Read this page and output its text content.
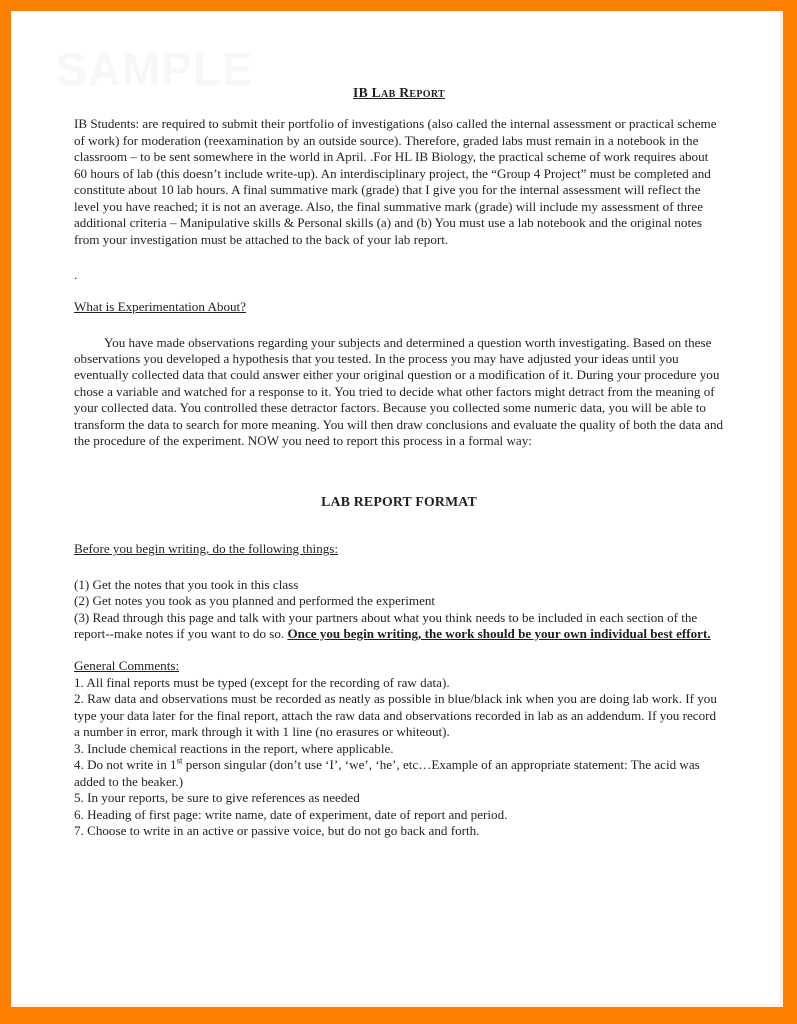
IB Lab Report

IB Students: are required to submit their portfolio of investigations (also called the internal assessment or practical scheme of work) for moderation (reexamination by an outside source). Therefore, graded labs must remain in a notebook in the classroom – to be sent somewhere in the world in April. .For HL IB Biology, the practical scheme of work requires about 60 hours of lab (this doesn’t include write-up). An interdisciplinary project, the “Group 4 Project” must be completed and constitute about 10 lab hours. A final summative mark (grade) that I give you for the internal assessment will reflect the level you have reached; it is not an average. Also, the final summative mark (grade) will include my assessment of three additional criteria – Manipulative skills & Personal skills (a) and (b) You must use a lab notebook and the original notes from your investigation must be attached to the back of your lab report.

.

What is Experimentation About?

You have made observations regarding your subjects and determined a question worth investigating. Based on these observations you developed a hypothesis that you tested. In the process you may have adjusted your ideas until you eventually collected data that could answer either your original question or a modification of it. During your procedure you chose a variable and watched for a response to it. You tried to decide what other factors might detract from the meaning of your collected data. You controlled these detractor factors. Because you collected some numeric data, you will be able to transform the data to search for more meaning. You will then draw conclusions and evaluate the quality of both the data and the procedure of the experiment. NOW you need to report this process in a formal way:

LAB REPORT FORMAT

Before you begin writing, do the following things:

(1) Get the notes that you took in this class

(2) Get notes you took as you planned and performed the experiment

(3) Read through this page and talk with your partners about what you think needs to be included in each section of the report--make notes if you want to do so. Once you begin writing, the work should be your own individual best effort.

General Comments:

1. All final reports must be typed (except for the recording of raw data).

2. Raw data and observations must be recorded as neatly as possible in blue/black ink when you are doing lab work. If you type your data later for the final report, attach the raw data and observations recorded in lab as an addendum. If you record a number in error, mark through it with 1 line (no erasures or whiteout).

3. Include chemical reactions in the report, where applicable.

4. Do not write in 1st person singular (don’t use ‘I’, ‘we’, ‘he’, etc…Example of an appropriate statement: The acid was added to the beaker.)

5. In your reports, be sure to give references as needed

6. Heading of first page: write name, date of experiment, date of report and period.

7. Choose to write in an active or passive voice, but do not go back and forth.
